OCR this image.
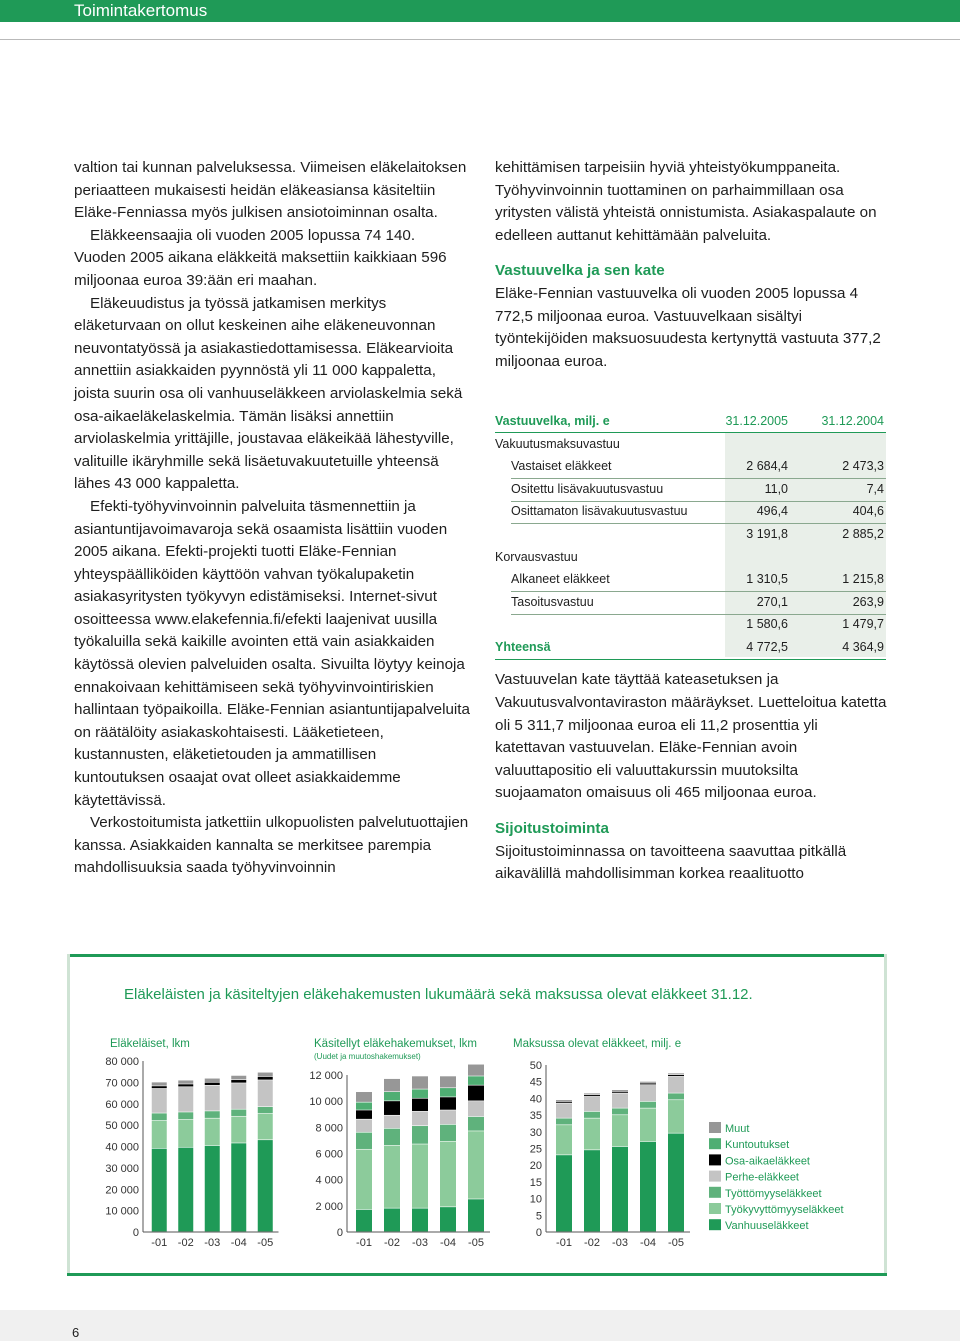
Toimintakertomus

valtion tai kunnan palveluksessa. Viimeisen eläkelaitoksen periaatteen mukaisesti heidän eläkeasiansa käsiteltiin Eläke-Fenniassa myös julkisen ansiotoiminnan osalta.

Eläkkeensaajia oli vuoden 2005 lopussa 74 140. Vuoden 2005 aikana eläkkeitä maksettiin kaikkiaan 596 miljoonaa euroa 39:ään eri maahan.

Eläkeuudistus ja työssä jatkamisen merkitys eläketurvaan on ollut keskeinen aihe eläkeneuvonnan neuvontatyössä ja asiakastiedottamisessa. Eläkearvioita annettiin asiakkaiden pyynnöstä yli 11 000 kappaletta, joista suurin osa oli vanhuuseläkkeen arviolaskelmia sekä osa-aikaeläkelaskelmia. Tämän lisäksi annettiin arviolaskelmia yrittäjille, joustavaa eläkeikää lähestyville, valituille ikäryhmille sekä lisäetuvakuutetuille yhteensä lähes 43 000 kappaletta.

Efekti-työhyvinvoinnin palveluita täsmennettiin ja asiantuntijavoimavaroja sekä osaamista lisättiin vuoden 2005 aikana. Efekti-projekti tuotti Eläke-Fennian yhteyspäälliköiden käyttöön vahvan työkalupaketin asiakasyritysten työkyvyn edistämiseksi. Internet-sivut osoitteessa www.elakefennia.fi/efekti laajenivat uusilla työkaluilla sekä kaikille avointen että vain asiakkaiden käytössä olevien palveluiden osalta. Sivuilta löytyy keinoja ennakoivaan kehittämiseen sekä työhyvinvointiriskien hallintaan työpaikoilla. Eläke-Fennian asiantuntijapalveluita on räätälöity asiakaskohtaisesti. Lääketieteen, kustannusten, eläketietouden ja ammatillisen kuntoutuksen osaajat ovat olleet asiakkaidemme käytettävissä.

Verkostoitumista jatkettiin ulkopuolisten palvelutuottajien kanssa. Asiakkaiden kannalta se merkitsee parempia mahdollisuuksia saada työhyvinvoinnin

kehittämisen tarpeisiin hyviä yhteistyökumppaneita. Työhyvinvoinnin tuottaminen on parhaimmillaan osa yritysten välistä yhteistä onnistumista. Asiakaspalaute on edelleen auttanut kehittämään palveluita.

Vastuuvelka ja sen kate

Eläke-Fennian vastuuvelka oli vuoden 2005 lopussa 4 772,5 miljoonaa euroa. Vastuuvelkaan sisältyi työntekijöiden maksuosuudesta kertynyttä vastuuta 377,2 miljoonaa euroa.

Vastuuvelan kate täyttää kateasetuksen ja Vakuutusvalvontaviraston määräykset. Luetteloitua katetta oli 5 311,7 miljoonaa euroa eli 11,2 prosenttia yli katettavan vastuuvelan. Eläke-Fennian avoin valuuttapositio eli valuuttakurssin muutoksilta suojaamaton omaisuus oli 465 miljoonaa euroa.

Sijoitustoiminta

Sijoitustoiminnassa on tavoitteena saavuttaa pitkällä aikavälillä mahdollisimman korkea reaalituotto

Vastuuvelka, milj. e	31.12.2005	31.12.2004
Vakuutusmaksuvastuu
Vastaiset eläkkeet	2 684,4	2 473,3
Ositettu lisävakuutusvastuu	11,0	7,4
Osittamaton lisävakuutusvastuu	496,4	404,6
3 191,8	2 885,2
Korvausvastuu
Alkaneet eläkkeet	1 310,5	1 215,8
Tasoitusvastuu	270,1	263,9
1 580,6	1 479,7
Yhteensä	4 772,5	4 364,9
Eläkeläisten ja käsiteltyjen eläkehakemusten lukumäärä sekä maksussa olevat eläkkeet 31.12.
Eläkeläiset, lkm
0
10 000
20 000
30 000
40 000
50 000
60 000
70 000
80 000
-01 -02 -03 -04 -05
Käsitellyt eläkehakemukset, lkm
(Uudet ja muutoshakemukset)
0
2 000
4 000
6 000
8 000
10 000
12 000
-01 -02 -03 -04 -05
Maksussa olevat eläkkeet, milj. e
0
5
10
15
20
25
30
35
40
45
50
-01 -02 -03 -04 -05
Muut
Kuntoutukset
Osa-aikaeläkkeet
Perhe-eläkkeet
Työttömyyseläkkeet
Työkyvyttömyyseläkkeet
Vanhuuseläkkeet
6
